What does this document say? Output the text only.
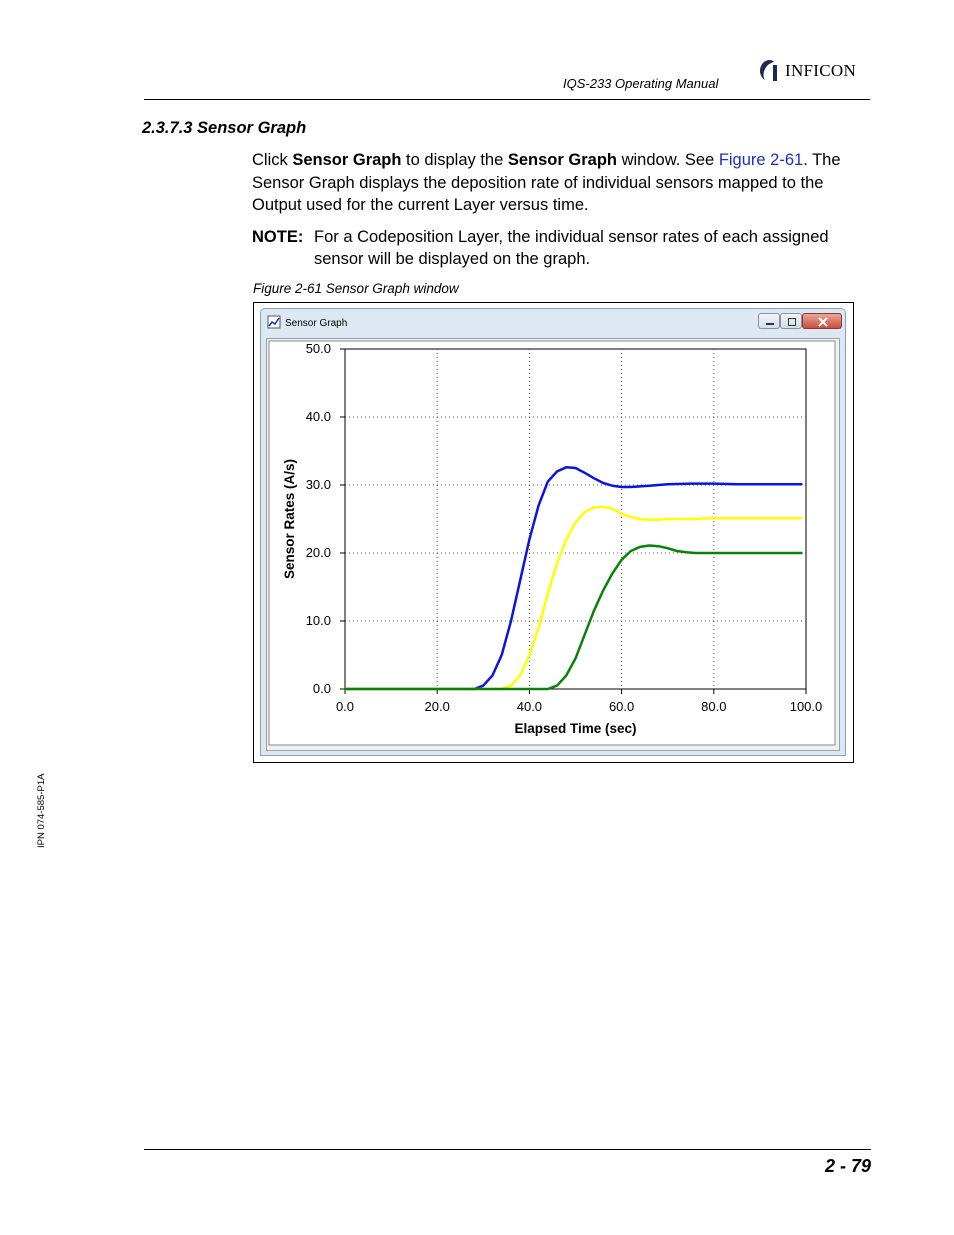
IQS-233 Operating Manual
INFICON
2.3.7.3 Sensor Graph
Click Sensor Graph to display the Sensor Graph window. See Figure 2-61. The Sensor Graph displays the deposition rate of individual sensors mapped to the Output used for the current Layer versus time.
NOTE: For a Codeposition Layer, the individual sensor rates of each assigned sensor will be displayed on the graph.
Figure 2-61 Sensor Graph window
Sensor Graph
0.0	20.0	40.0	60.0	80.0	100.0
0.0
10.0
20.0
30.0
40.0
50.0
Elapsed Time (sec)
Sensor Rates (A/s)
IPN 074-585-P1A
2 - 79
